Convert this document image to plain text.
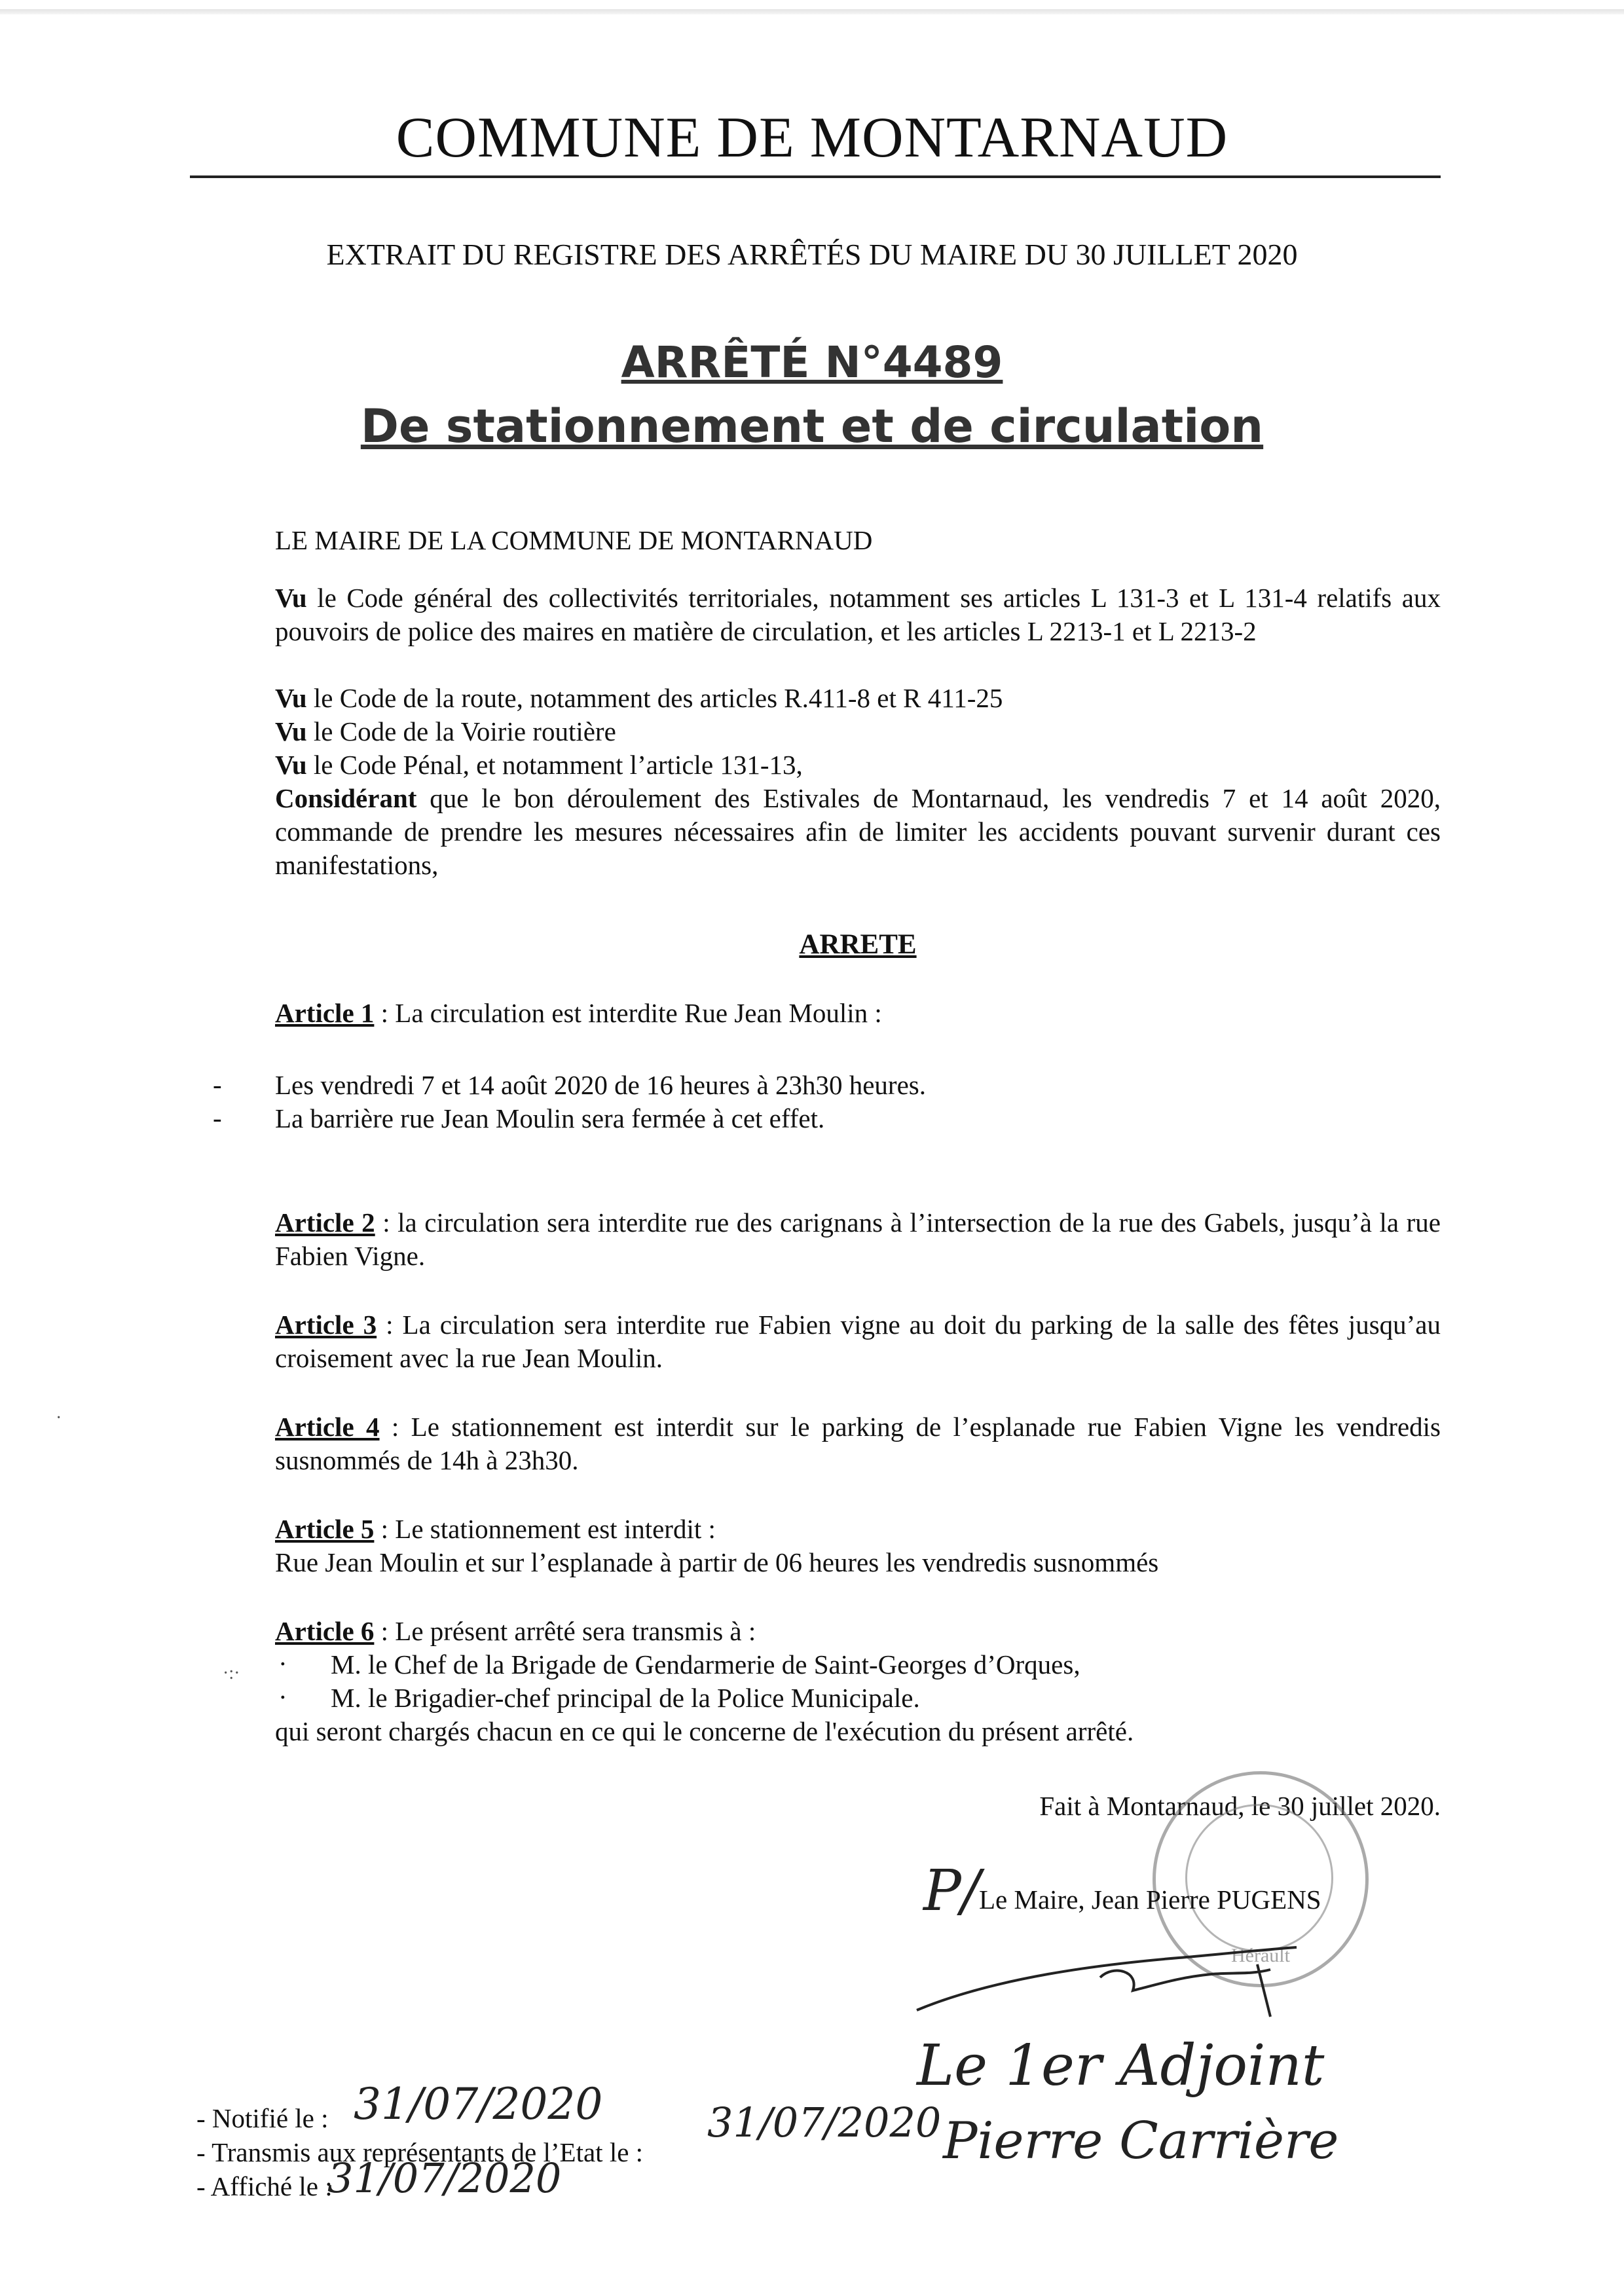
COMMUNE DE MONTARNAUD
EXTRAIT DU REGISTRE DES ARRÊTÉS DU MAIRE DU 30 JUILLET 2020
ARRÊTÉ N°4489
De stationnement et de circulation
LE MAIRE DE LA COMMUNE DE MONTARNAUD
Vu le Code général des collectivités territoriales, notamment ses articles L 131-3 et L 131-4 relatifs aux pouvoirs de police des maires en matière de circulation, et les articles L 2213-1 et L 2213-2
Vu le Code de la route, notamment des articles R.411-8 et R 411-25
Vu le Code de la Voirie routière
Vu le Code Pénal, et notamment l’article 131-13,
Considérant que le bon déroulement des Estivales de Montarnaud, les vendredis 7 et 14 août 2020, commande de prendre les mesures nécessaires afin de limiter les accidents pouvant survenir durant ces manifestations,
ARRETE
Article 1 : La circulation est interdite Rue Jean Moulin :
- Les vendredi 7 et 14 août 2020 de 16 heures à 23h30 heures.
- La barrière rue Jean Moulin sera fermée à cet effet.
Article 2 : la circulation sera interdite rue des carignans à l’intersection de la rue des Gabels, jusqu’à la rue Fabien Vigne.
Article 3 : La circulation sera interdite rue Fabien vigne au doit du parking de la salle des fêtes jusqu’au croisement avec la rue Jean Moulin.
Article 4 : Le stationnement est interdit sur le parking de l’esplanade rue Fabien Vigne les vendredis susnommés de 14h à 23h30.
Article 5 : Le stationnement est interdit :
Rue Jean Moulin et sur l’esplanade à partir de 06 heures les vendredis susnommés
Article 6 : Le présent arrêté sera transmis à :
· M. le Chef de la Brigade de Gendarmerie de Saint-Georges d’Orques,
· M. le Brigadier-chef principal de la Police Municipale.
qui seront chargés chacun en ce qui le concerne de l'exécution du présent arrêté.
·:·
·
Fait à Montarnaud, le 30 juillet 2020.
Hérault
P/
Le Maire, Jean Pierre PUGENS
Le 1er Adjoint
Pierre Carrière
- Notifié le : 31/07/2020
- Transmis aux représentants de l’Etat le :
31/07/2020
- Affiché le :
31/07/2020
